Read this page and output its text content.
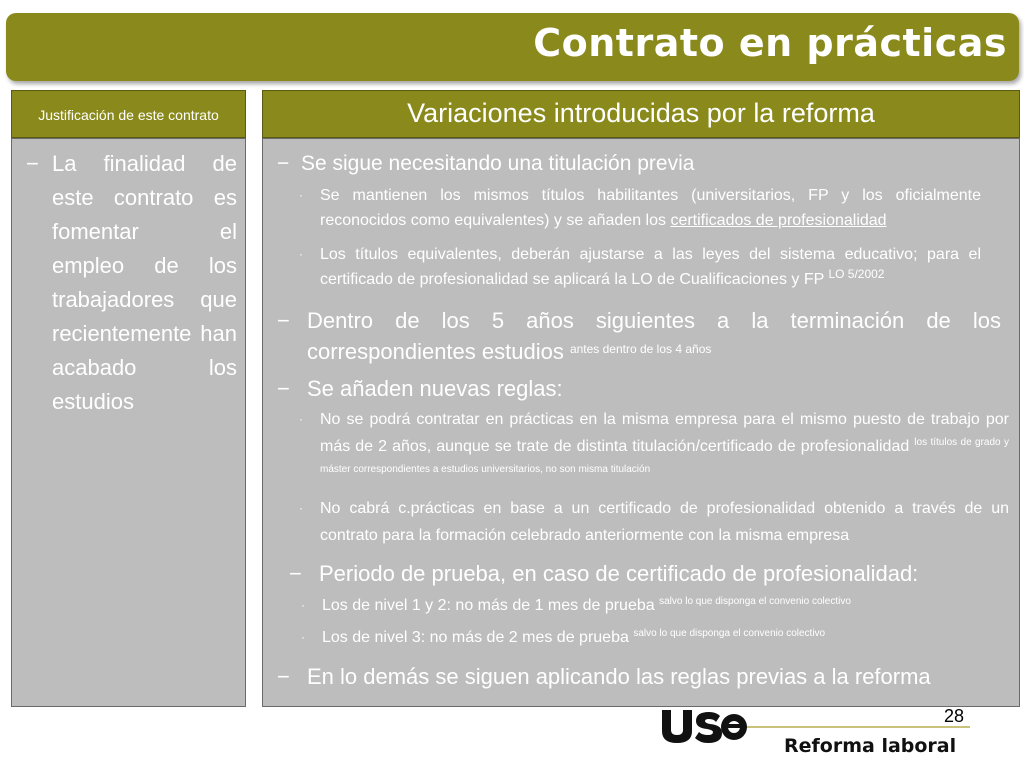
Contrato en prácticas
Justificación de este contrato
− La finalidad de este contrato es fomentar el empleo de los trabajadores que recientemente han acabado los estudios
Variaciones introducidas por la reforma
− Se sigue necesitando una titulación previa
· Se mantienen los mismos títulos habilitantes (universitarios, FP y los oficialmente reconocidos como equivalentes) y se añaden los certificados de profesionalidad
· Los títulos equivalentes, deberán ajustarse a las leyes del sistema educativo; para el certificado de profesionalidad se aplicará la LO de Cualificaciones y FP $^{LO 5/2002}$
− Dentro de los 5 años siguientes a la terminación de los correspondientes estudios $^{antes dentro de los 4 años}$
− Se añaden nuevas reglas:
· No se podrá contratar en prácticas en la misma empresa para el mismo puesto de trabajo por más de 2 años, aunque se trate de distinta titulación/certificado de profesionalidad $^{los títulos de grado y máster correspondientes a estudios universitarios, no son misma titulación}$
· No cabrá c.prácticas en base a un certificado de profesionalidad obtenido a través de un contrato para la formación celebrado anteriormente con la misma empresa
− Periodo de prueba, en caso de certificado de profesionalidad:
· Los de nivel 1 y 2: no más de 1 mes de prueba $^{salvo lo que disponga el convenio colectivo}$
· Los de nivel 3: no más de 2 mes de prueba $^{salvo lo que disponga el convenio colectivo}$
− En lo demás se siguen aplicando las reglas previas a la reforma
28
Reforma laboral
